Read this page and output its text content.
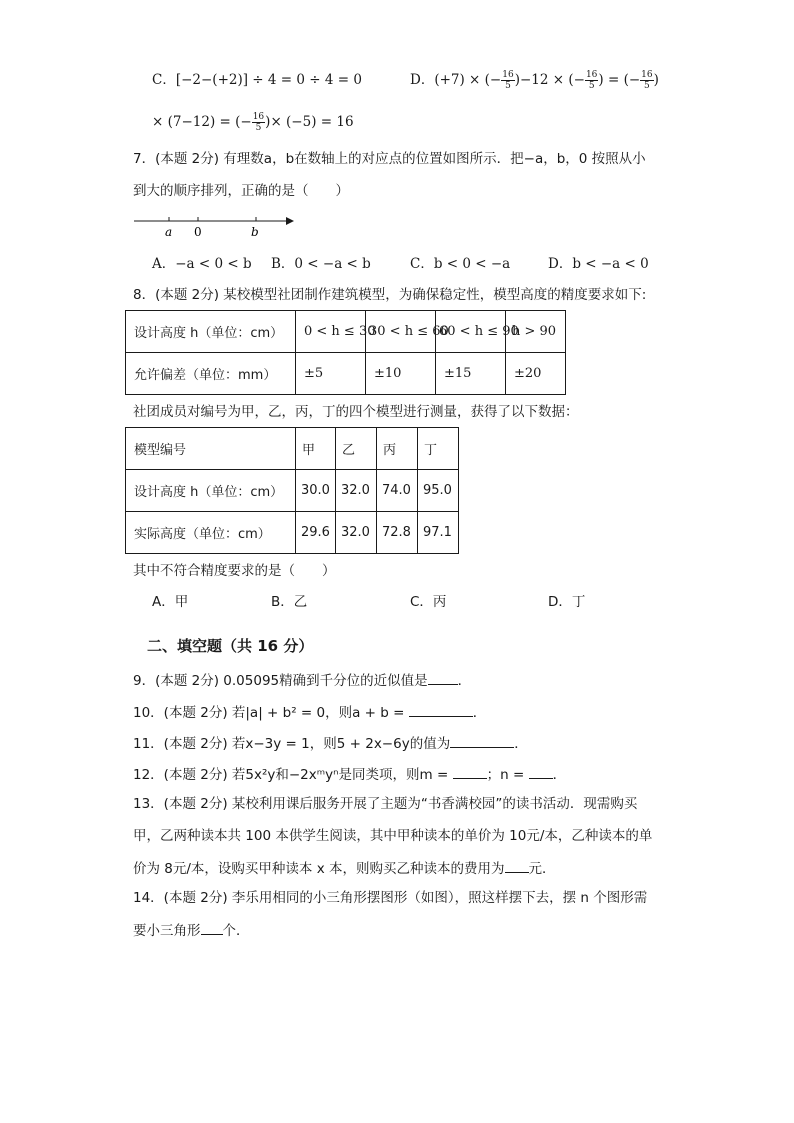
C．[−2−(+2)] ÷ 4 = 0 ÷ 4 = 0	D．(+7) × (− $\frac{16}{5} )-12$ × (− $\frac{16}{5}$ ) = (− $\frac{16}{5}$ )
× (7−12) = (− $\frac{16}{5}$ )× (−5) = 16
7．(本题 2分) 有理数a，b在数轴上的对应点的位置如图所示．把−a，b，0 按照从小
到大的顺序排列，正确的是（　　）
a 0	b
A．−a < 0 < b B．0 < −a < b	C．b < 0 < −a	D．b < −a < 0
8．(本题 2分) 某校模型社团制作建筑模型，为确保稳定性，模型高度的精度要求如下:
设计高度 h（单位：cm）	0 < h ≤ 30	30 < h ≤ 60	60 < h ≤ 90	h > 90
允许偏差（单位：mm）	±5	±10	±15	±20
社团成员对编号为甲，乙，丙，丁的四个模型进行测量，获得了以下数据：
模型编号	甲	乙	丙	丁
设计高度 h（单位：cm）	30.0	32.0	74.0	95.0
实际高度（单位：cm）	29.6	32.0	72.8	97.1
其中不符合精度要求的是（　　）
A．甲	B．乙	C．丙	D．丁
二、填空题（共 16 分）
9．(本题 2分) 0.05095精确到千分位的近似值是 ．
10．(本题 2分) 若|a| + b² = 0，则a + b =	．
11．(本题 2分) 若x−3y = 1，则5 + 2x−6y的值为	．
12．(本题 2分) 若5x²y和−2xᵐyⁿ是同类项，则m =	；n = ．
13．(本题 2分) 某校利用课后服务开展了主题为“书香满校园”的读书活动．现需购买
甲，乙两种读本共 100 本供学生阅读，其中甲种读本的单价为 10元/本，乙种读本的单
价为 8元/本，设购买甲种读本 x 本，则购买乙种读本的费用为 元．
14．(本题 2分) 李乐用相同的小三角形摆图形（如图），照这样摆下去，摆 n 个图形需
要小三角形 个．
